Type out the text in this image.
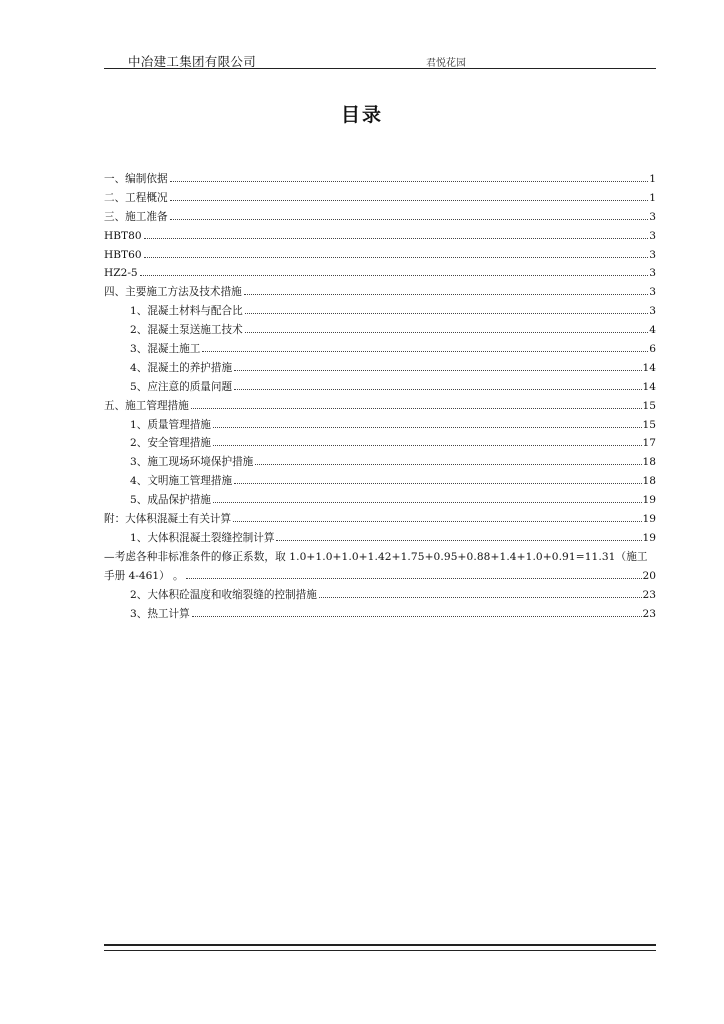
中冶建工集团有限公司	君悦花园
目录
一、编制依据	1
二、工程概况	1
三、施工准备	3
HBT80	3
HBT60	3
HZ2-5	3
四、主要施工方法及技术措施	3
1、混凝土材料与配合比	3
2、混凝土泵送施工技术	4
3、混凝土施工	6
4、混凝土的养护措施	14
5、应注意的质量问题	14
五、施工管理措施	15
1、质量管理措施	15
2、安全管理措施	17
3、施工现场环境保护措施	18
4、文明施工管理措施	18
5、成品保护措施	19
附：大体积混凝土有关计算	19
1、大体积混凝土裂缝控制计算	19
—考虑各种非标准条件的修正系数，取 1.0+1.0+1.0+1.42+1.75+0.95+0.88+1.4+1.0+0.91=11.31（施工
手册 4-461） 。	20
2、大体积砼温度和收缩裂缝的控制措施	23
3、热工计算	23
